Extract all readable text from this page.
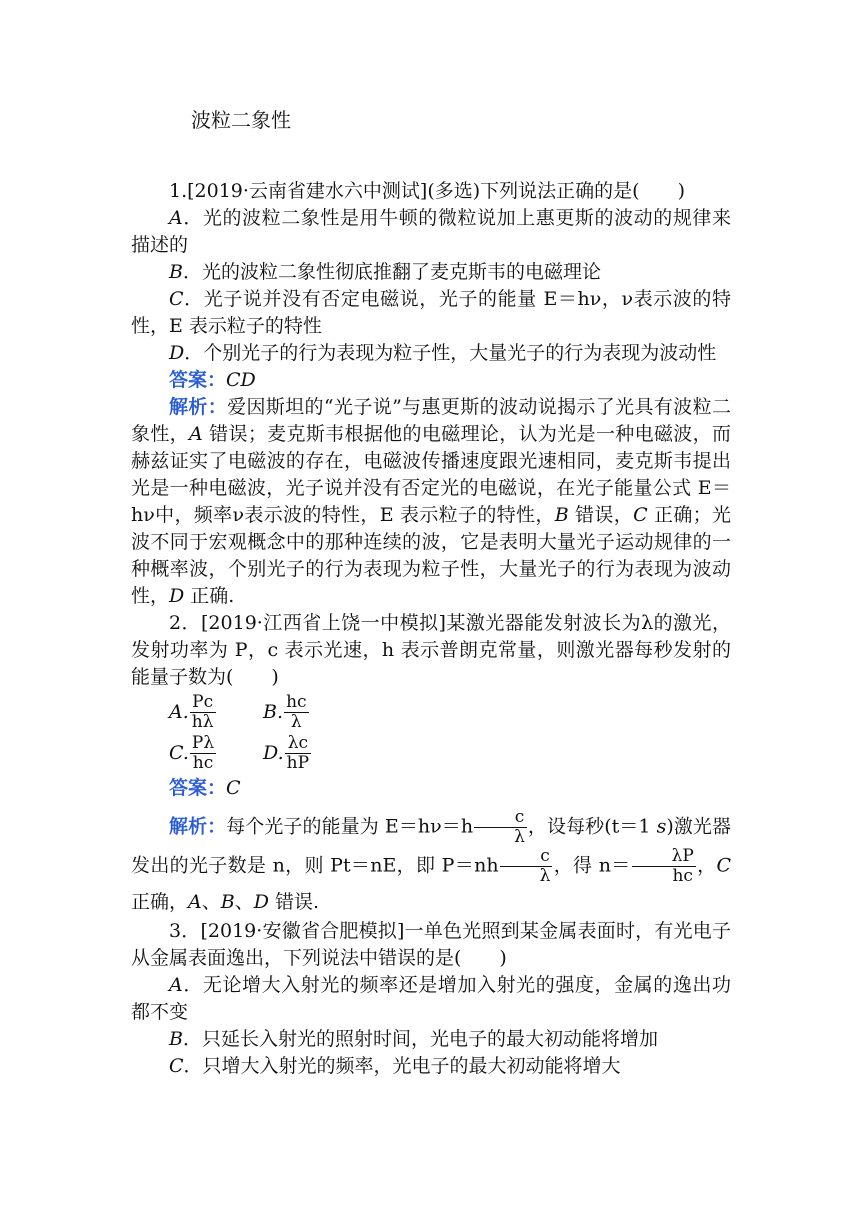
波粒二象性

1.[2019·云南省建水六中测试](多选)下列说法正确的是(　　)

A．光的波粒二象性是用牛顿的微粒说加上惠更斯的波动的规律来描述的

B．光的波粒二象性彻底推翻了麦克斯韦的电磁理论

C．光子说并没有否定电磁说，光子的能量 E＝hν，ν表示波的特性，E 表示粒子的特性

D．个别光子的行为表现为粒子性，大量光子的行为表现为波动性

答案：CD

解析：爱因斯坦的“光子说”与惠更斯的波动说揭示了光具有波粒二象性，A 错误；麦克斯韦根据他的电磁理论，认为光是一种电磁波，而赫兹证实了电磁波的存在，电磁波传播速度跟光速相同，麦克斯韦提出光是一种电磁波，光子说并没有否定光的电磁说，在光子能量公式 E＝hν中，频率ν表示波的特性，E 表示粒子的特性，B 错误，C 正确；光波不同于宏观概念中的那种连续的波，它是表明大量光子运动规律的一种概率波，个别光子的行为表现为粒子性，大量光子的行为表现为波动性，D 正确.

2．[2019·江西省上饶一中模拟]某激光器能发射波长为λ的激光，发射功率为 P，c 表示光速，h 表示普朗克常量，则激光器每秒发射的能量子数为(　　)

A. $\frac{Pc}{h\lambda}$
	B. $\frac{hc}{\lambda}$
C. $\frac{P\lambda}{hc}$
D. $\frac{\lambda c}{hP}$

答案：C

解析：每个光子的能量为 $E=h\nu=h \frac{c}{\lambda}$ ，设每秒(t＝1 s)激光器发出的光子数是 n，则 Pt＝nE，即 $P=nh \frac{c}{\lambda}$ ，得 $n= \frac{\lambda P}{hc}$ ，C 正确，A、B、D 错误.

3．[2019·安徽省合肥模拟]一单色光照到某金属表面时，有光电子从金属表面逸出，下列说法中错误的是(　　)

A．无论增大入射光的频率还是增加入射光的强度，金属的逸出功都不变

B．只延长入射光的照射时间，光电子的最大初动能将增加

C．只增大入射光的频率，光电子的最大初动能将增大
